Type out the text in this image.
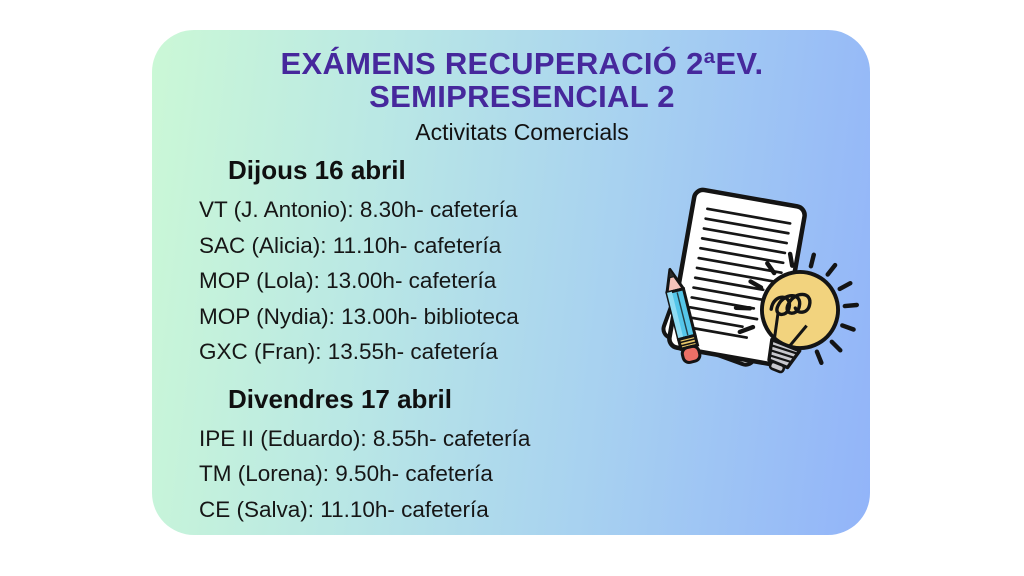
EXÁMENS RECUPERACIÓ 2ªEV.
SEMIPRESENCIAL 2
Activitats Comercials
Dijous 16 abril
VT (J. Antonio): 8.30h- cafetería
SAC (Alicia): 11.10h- cafetería
MOP (Lola): 13.00h- cafetería
MOP (Nydia): 13.00h- biblioteca
GXC (Fran): 13.55h- cafetería
Divendres 17 abril
IPE II (Eduardo): 8.55h- cafetería
TM (Lorena): 9.50h- cafetería
CE (Salva): 11.10h- cafetería
